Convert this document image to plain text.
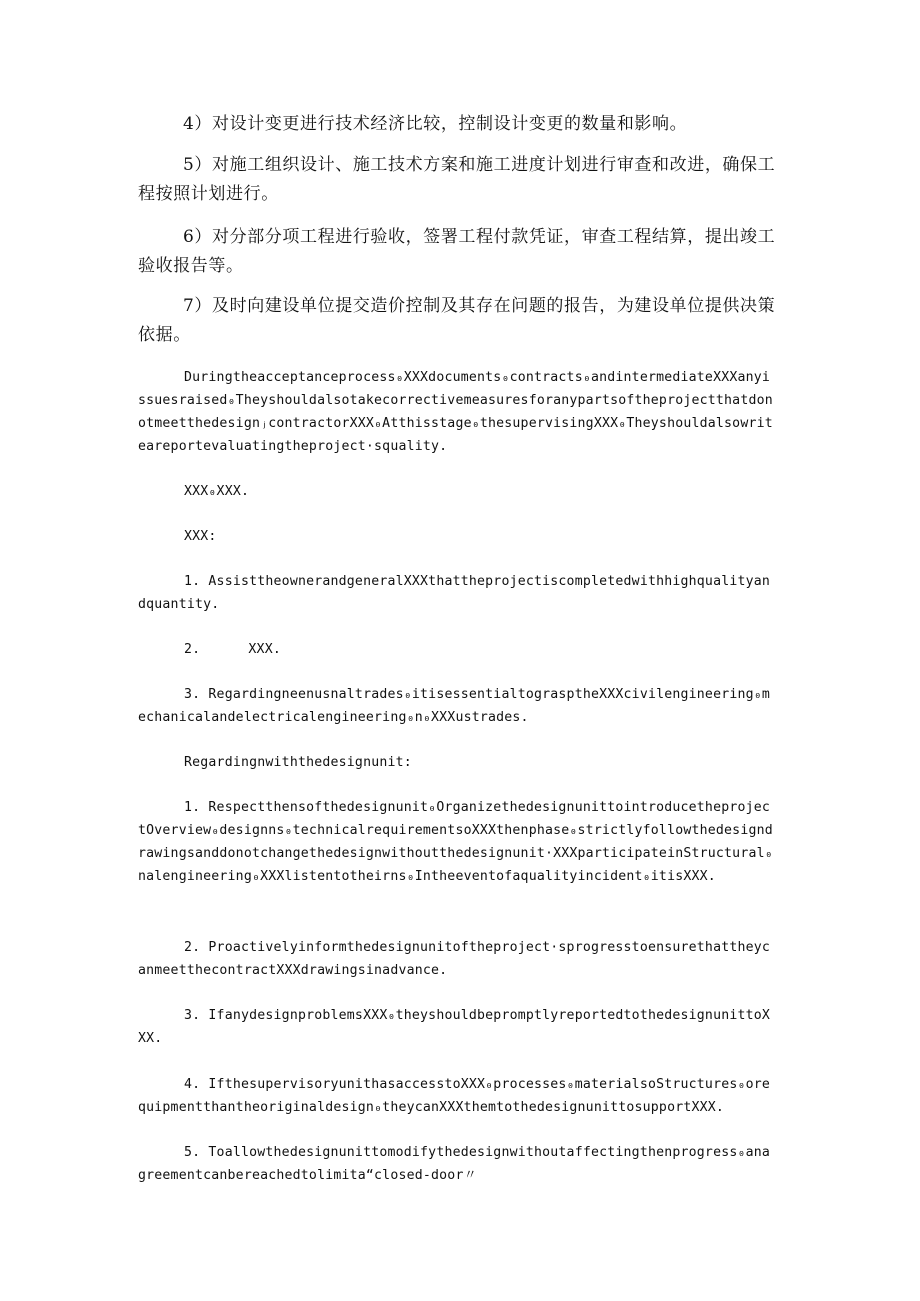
4）对设计变更进行技术经济比较，控制设计变更的数量和影响。

5）对施工组织设计、施工技术方案和施工进度计划进行审查和改进，确保工程按照计划进行。

6）对分部分项工程进行验收，签署工程付款凭证，审查工程结算，提出竣工验收报告等。

7）及时向建设单位提交造价控制及其存在问题的报告，为建设单位提供决策依据。

Duringtheacceptanceprocess₀XXXdocuments₀contracts₀andintermediateXXXanyissuesraised₀TheyshouldalsotakecorrectivemeasuresforanypartsoftheprojectthatdonotmeetthedesignⱼcontractorXXX₀Atthisstage₀thesupervisingXXX₀Theyshouldalsowriteareportevaluatingtheproject·squality.

XXX₀XXX.

XXX:

1. AssisttheownerandgeneralXXXthattheprojectiscompletedwithhighqualityandquantity.

2. XXX.

3. Regardingneenusnaltrades₀itisessentialtograsptheXXXcivilengineering₀mechanicalandelectricalengineering₀n₀XXXustrades.

Regardingnwiththedesignunit:

1. Respectthensofthedesignunit₀OrganizethedesignunittointroducetheprojectOverview₀designns₀technicalrequirementsoXXXthenphase₀strictlyfollowthedesigndrawingsanddonotchangethedesignwithoutthedesignunit·XXXparticipateinStructural₀nalengineering₀XXXlistentotheirns₀Intheeventofaqualityincident₀itisXXX.

2. Proactivelyinformthedesignunitoftheproject·sprogresstoensurethattheycanmeetthecontractXXXdrawingsinadvance.

3. IfanydesignproblemsXXX₀theyshouldbepromptlyreportedtothedesignunittoXXX.

4. IfthesupervisoryunithasaccesstoXXX₀processes₀materialsoStructures₀orequipmentthantheoriginaldesign₀theycanXXXthemtothedesignunittosupportXXX.

5. Toallowthedesignunittomodifythedesignwithoutaffectingthenprogress₀anagreementcanbereachedtolimita“closed-door〃
